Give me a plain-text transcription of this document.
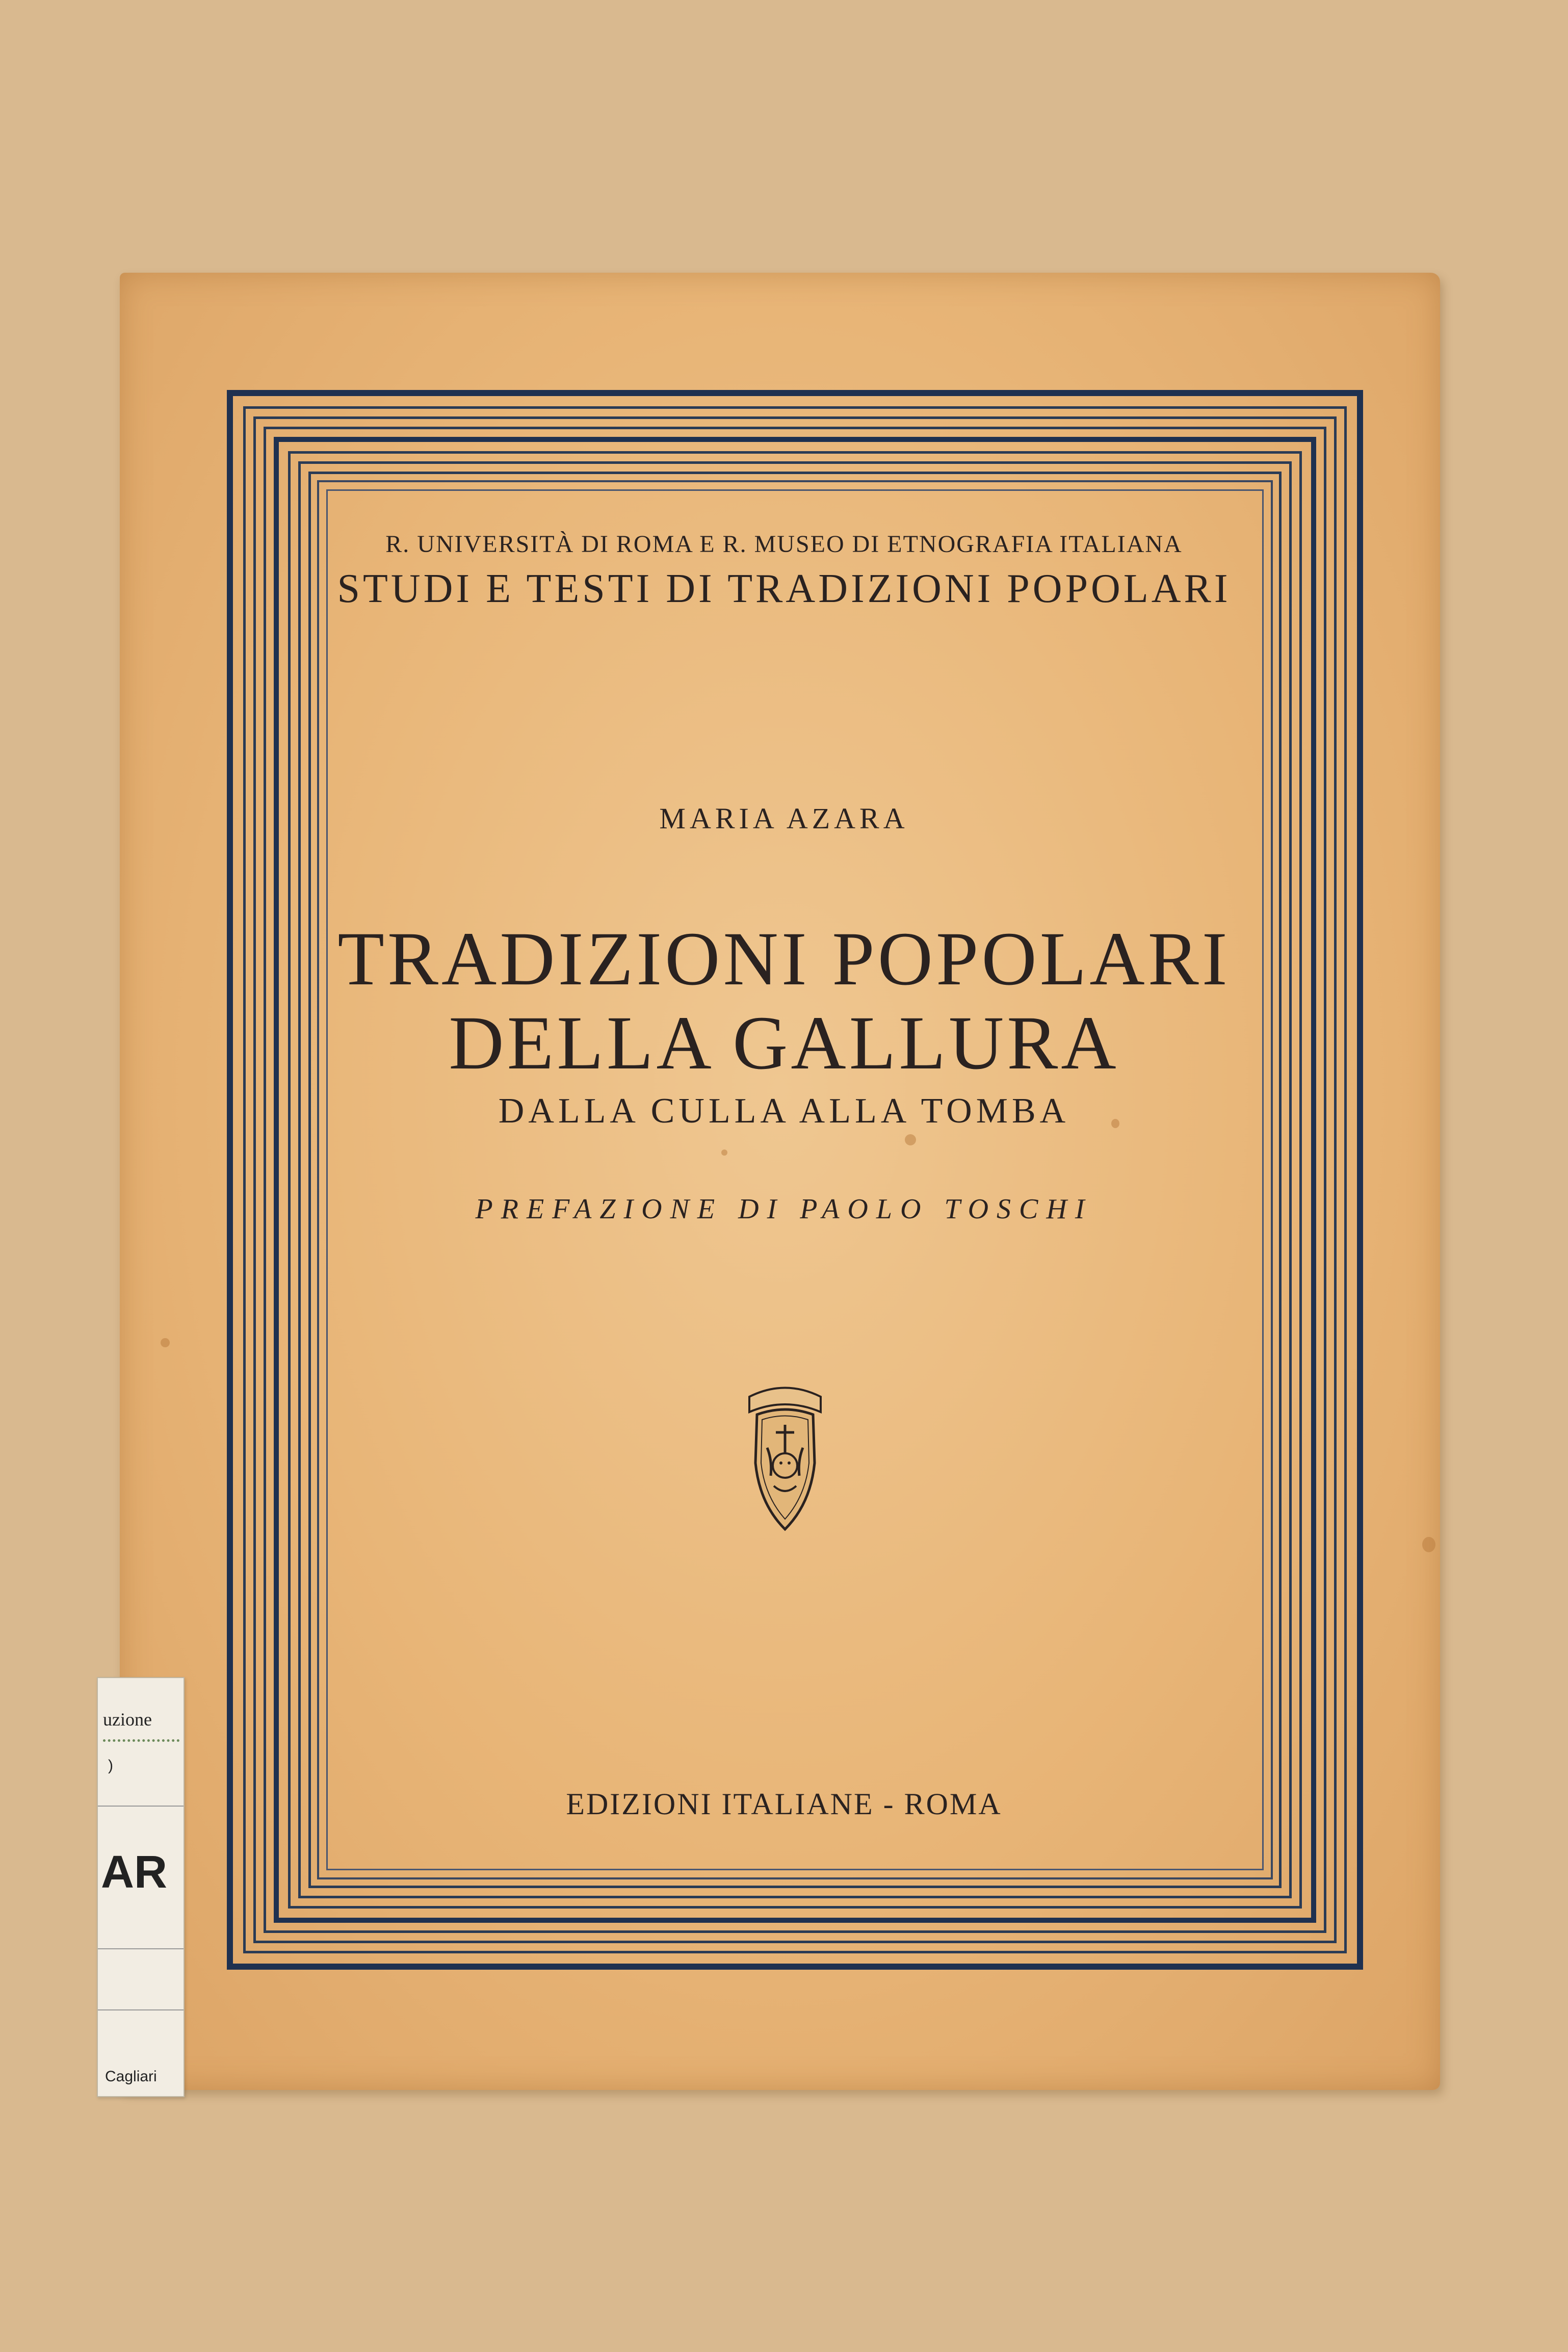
R. UNIVERSITÀ DI ROMA E R. MUSEO DI ETNOGRAFIA ITALIANA
STUDI E TESTI DI TRADIZIONI POPOLARI
MARIA AZARA
TRADIZIONI POPOLARI
DELLA GALLURA
DALLA CULLA ALLA TOMBA
PREFAZIONE DI PAOLO TOSCHI
EDIZIONI ITALIANE - ROMA
uzione
)
AR
Cagliari
